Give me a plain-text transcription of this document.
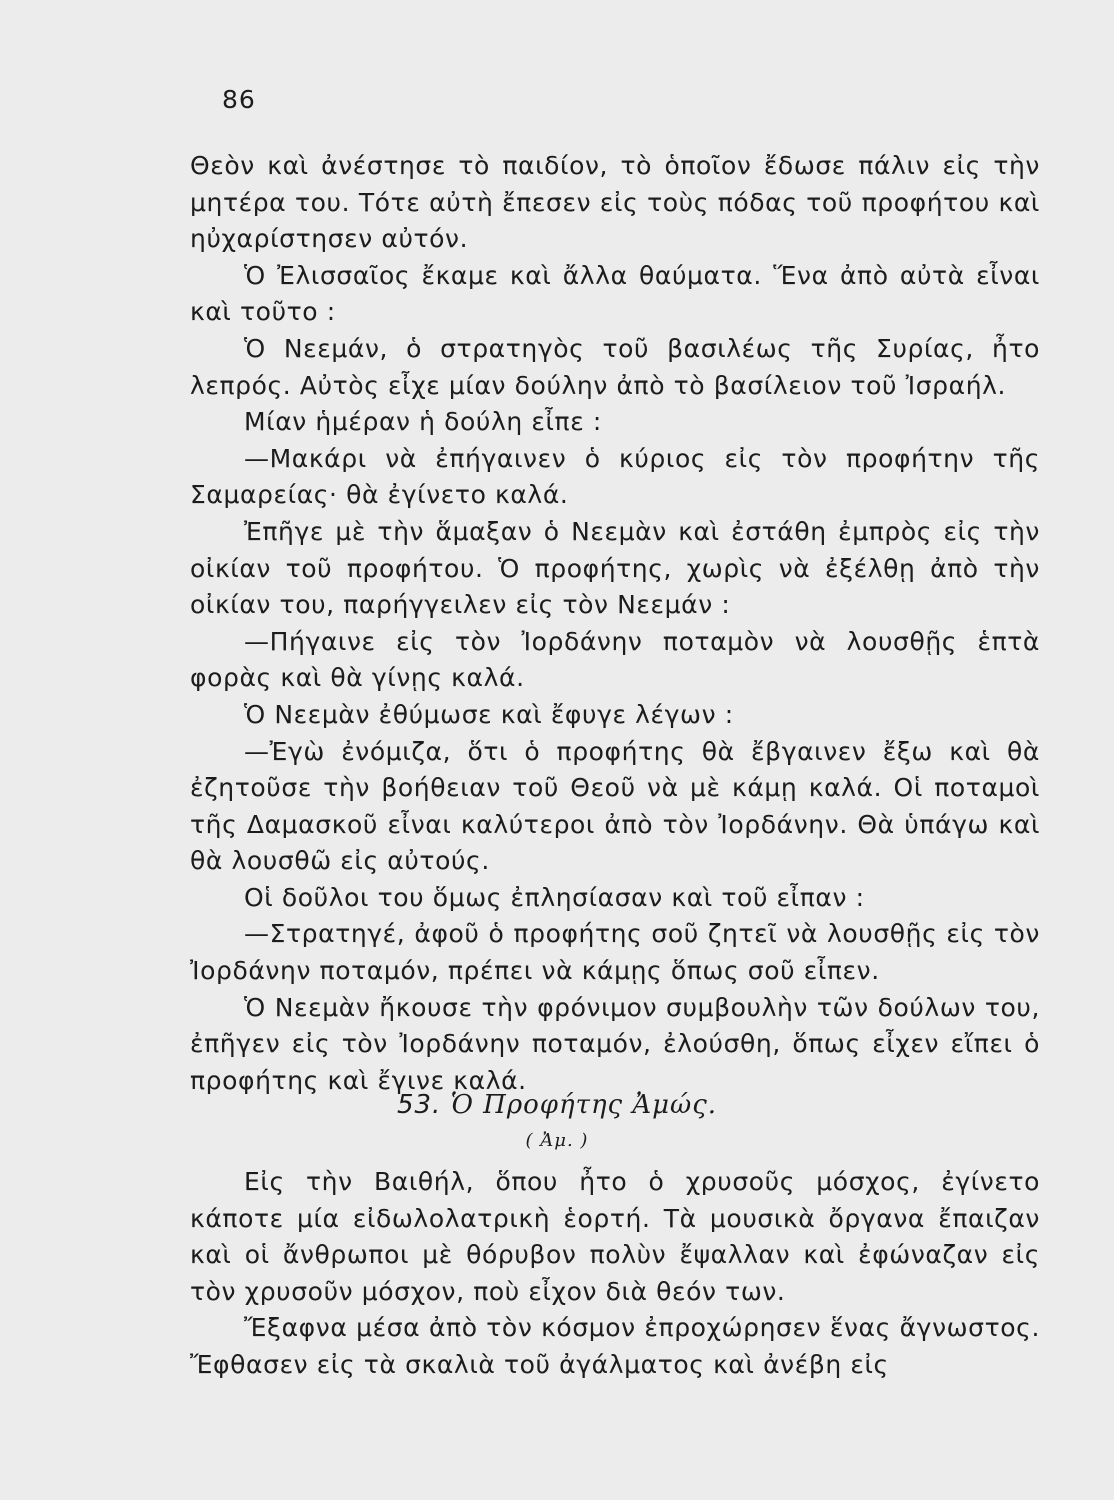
86

Θεὸν καὶ ἀνέστησε τὸ παιδίον, τὸ ὁποῖον ἔδωσε πάλιν εἰς τὴν μητέρα του. Τότε αὐτὴ ἔπεσεν εἰς τοὺς πόδας τοῦ προφήτου καὶ ηὐχαρίστησεν αὐτόν.

Ὁ Ἐλισσαῖος ἔκαμε καὶ ἄλλα θαύματα. Ἕνα ἀπὸ αὐτὰ εἶναι καὶ τοῦτο :

Ὁ Νεεμάν, ὁ στρατηγὸς τοῦ βασιλέως τῆς Συρίας, ἦτο λεπρός. Αὐτὸς εἶχε μίαν δούλην ἀπὸ τὸ βασίλειον τοῦ Ἰσραήλ.

Μίαν ἡμέραν ἡ δούλη εἶπε :

—Μακάρι νὰ ἐπήγαινεν ὁ κύριος εἰς τὸν προφήτην τῆς Σαμαρείας· θὰ ἐγίνετο καλά.

Ἐπῆγε μὲ τὴν ἅμαξαν ὁ Νεεμὰν καὶ ἐστάθη ἐμπρὸς εἰς τὴν οἰκίαν τοῦ προφήτου. Ὁ προφήτης, χωρὶς νὰ ἐξέλθῃ ἀπὸ τὴν οἰκίαν του, παρήγγειλεν εἰς τὸν Νεεμάν :

—Πήγαινε εἰς τὸν Ἰορδάνην ποταμὸν νὰ λουσθῇς ἑπτὰ φορὰς καὶ θὰ γίνῃς καλά.

Ὁ Νεεμὰν ἐθύμωσε καὶ ἔφυγε λέγων :

—Ἐγὼ ἐνόμιζα, ὅτι ὁ προφήτης θὰ ἔβγαινεν ἔξω καὶ θὰ ἐζητοῦσε τὴν βοήθειαν τοῦ Θεοῦ νὰ μὲ κάμῃ καλά. Οἱ ποταμοὶ τῆς Δαμασκοῦ εἶναι καλύτεροι ἀπὸ τὸν Ἰορδάνην. Θὰ ὑπάγω καὶ θὰ λουσθῶ εἰς αὐτούς.

Οἱ δοῦλοι του ὅμως ἐπλησίασαν καὶ τοῦ εἶπαν :

—Στρατηγέ, ἀφοῦ ὁ προφήτης σοῦ ζητεῖ νὰ λουσθῇς εἰς τὸν Ἰορδάνην ποταμόν, πρέπει νὰ κάμῃς ὅπως σοῦ εἶπεν.

Ὁ Νεεμὰν ἤκουσε τὴν φρόνιμον συμβουλὴν τῶν δούλων του, ἐπῆγεν εἰς τὸν Ἰορδάνην ποταμόν, ἐλούσθη, ὅπως εἶχεν εἴπει ὁ προφήτης καὶ ἔγινε καλά.

53. Ὁ Προφήτης Ἀμώς.
( Ἀμ. )

Εἰς τὴν Βαιθήλ, ὅπου ἦτο ὁ χρυσοῦς μόσχος, ἐγίνετο κάποτε μία εἰδωλολατρικὴ ἑορτή. Τὰ μουσικὰ ὄργανα ἔπαιζαν καὶ οἱ ἄνθρωποι μὲ θόρυβον πολὺν ἔψαλλαν καὶ ἐφώναζαν εἰς τὸν χρυσοῦν μόσχον, ποὺ εἶχον διὰ θεόν των.

Ἔξαφνα μέσα ἀπὸ τὸν κόσμον ἐπροχώρησεν ἕνας ἄγνωστος. Ἔφθασεν εἰς τὰ σκαλιὰ τοῦ ἀγάλματος καὶ ἀνέβη εἰς
